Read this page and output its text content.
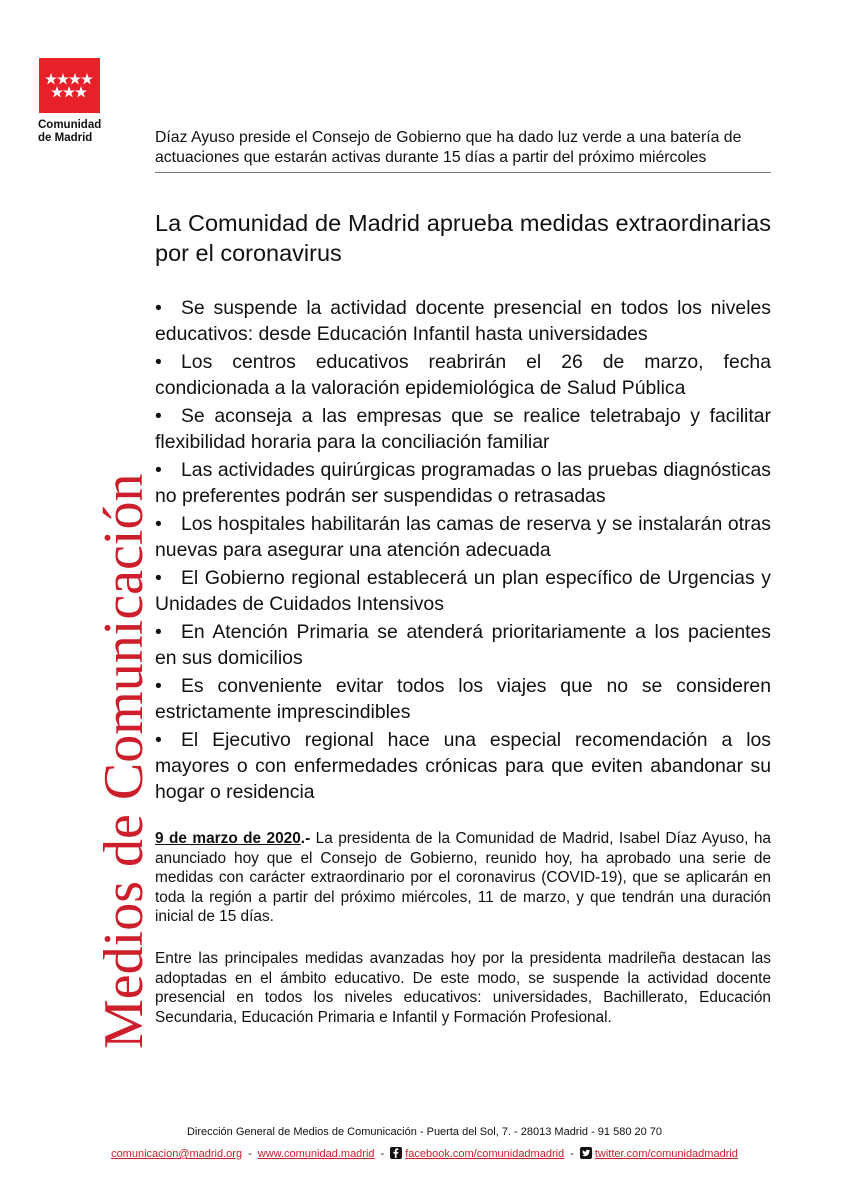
Comunidad
de Madrid
Medios de Comunicación
Díaz Ayuso preside el Consejo de Gobierno que ha dado luz verde a una batería de actuaciones que estarán activas durante 15 días a partir del próximo miércoles
La Comunidad de Madrid aprueba medidas extraordinarias por el coronavirus
• Se suspende la actividad docente presencial en todos los niveles educativos: desde Educación Infantil hasta universidades
• Los centros educativos reabrirán el 26 de marzo, fecha condicionada a la valoración epidemiológica de Salud Pública
• Se aconseja a las empresas que se realice teletrabajo y facilitar flexibilidad horaria para la conciliación familiar
• Las actividades quirúrgicas programadas o las pruebas diagnósticas no preferentes podrán ser suspendidas o retrasadas
• Los hospitales habilitarán las camas de reserva y se instalarán otras nuevas para asegurar una atención adecuada
• El Gobierno regional establecerá un plan específico de Urgencias y Unidades de Cuidados Intensivos
• En Atención Primaria se atenderá prioritariamente a los pacientes en sus domicilios
• Es conveniente evitar todos los viajes que no se consideren estrictamente imprescindibles
• El Ejecutivo regional hace una especial recomendación a los mayores o con enfermedades crónicas para que eviten abandonar su hogar o residencia
9 de marzo de 2020.- La presidenta de la Comunidad de Madrid, Isabel Díaz Ayuso, ha anunciado hoy que el Consejo de Gobierno, reunido hoy, ha aprobado una serie de medidas con carácter extraordinario por el coronavirus (COVID-19), que se aplicarán en toda la región a partir del próximo miércoles, 11 de marzo, y que tendrán una duración inicial de 15 días.
Entre las principales medidas avanzadas hoy por la presidenta madrileña destacan las adoptadas en el ámbito educativo. De este modo, se suspende la actividad docente presencial en todos los niveles educativos: universidades, Bachillerato, Educación Secundaria, Educación Primaria e Infantil y Formación Profesional.
Dirección General de Medios de Comunicación - Puerta del Sol, 7. - 28013 Madrid - 91 580 20 70
comunicacion@madrid.org - www.comunidad.madrid - facebook.com/comunidadmadrid - twitter.com/comunidadmadrid
